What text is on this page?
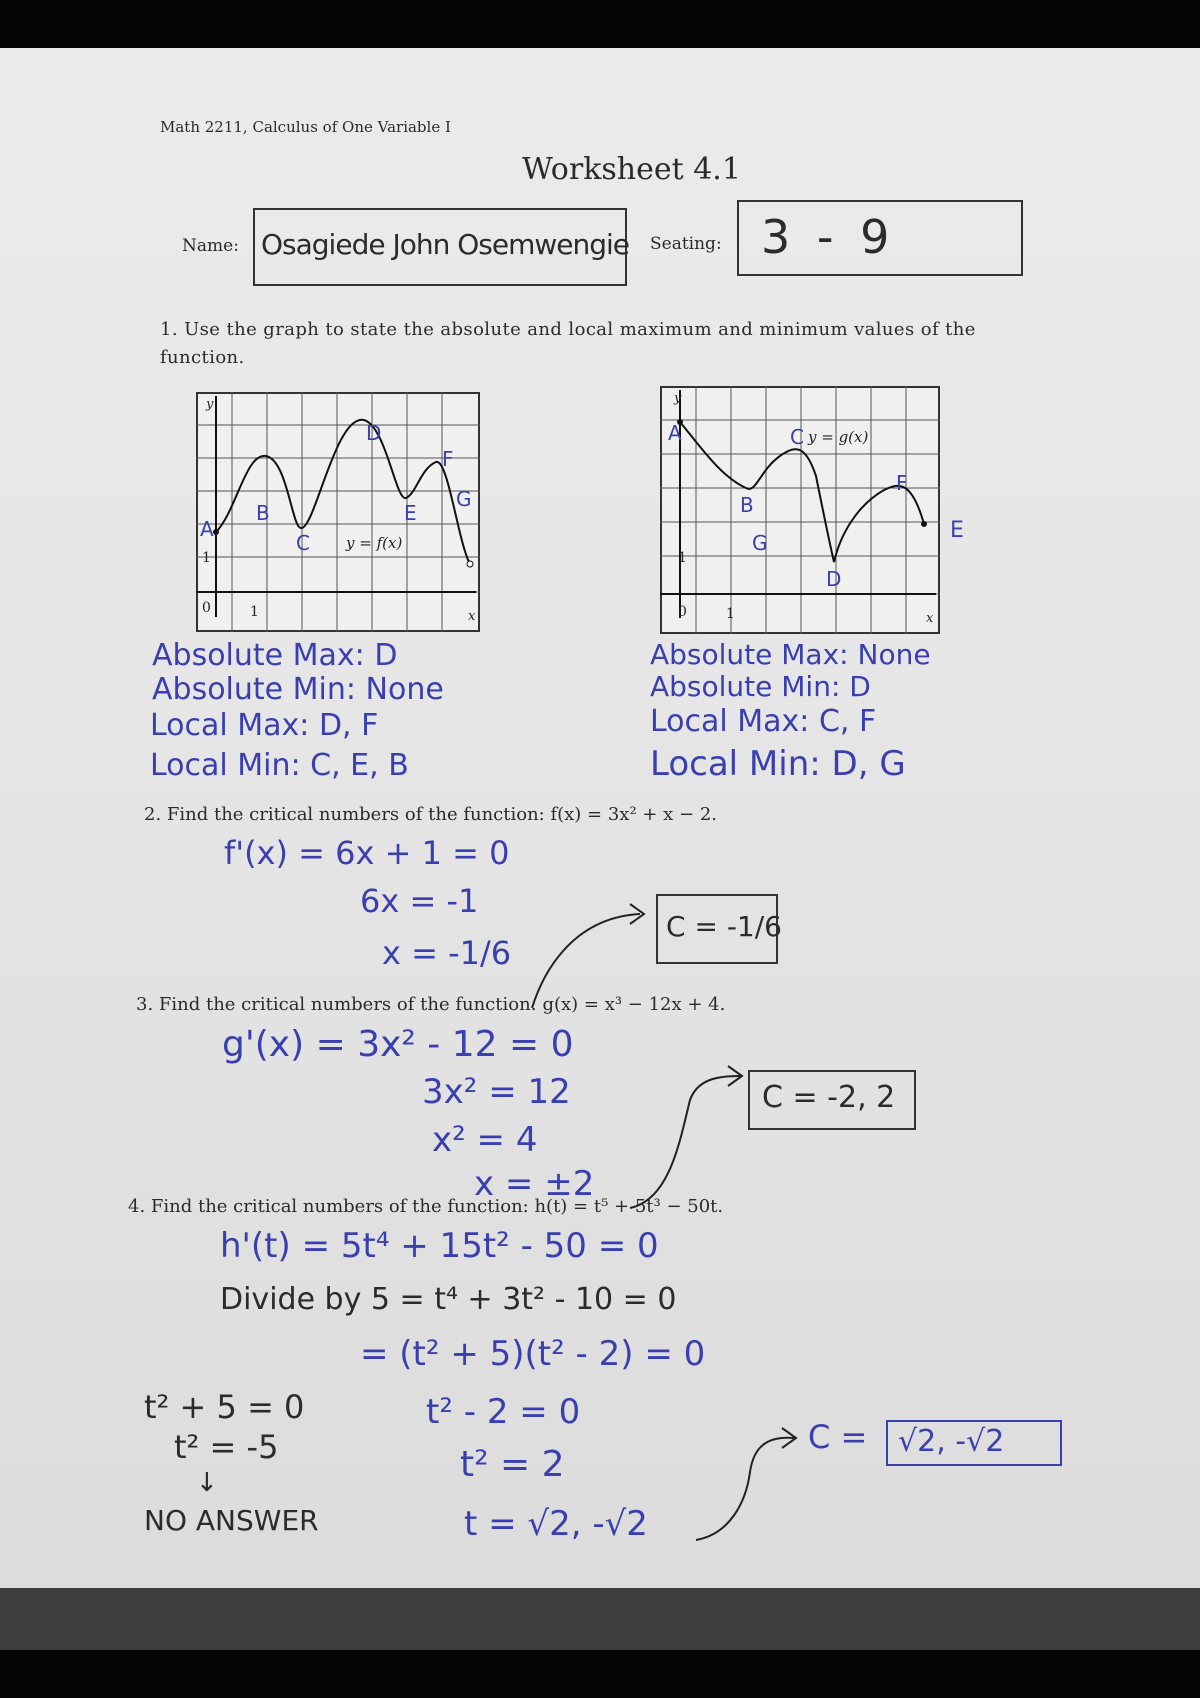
Math 2211, Calculus of One Variable I
Worksheet 4.1
Name: Osagiede John Osemwengie Seating: 3 - 9
1. Use the graph to state the absolute and local maximum and minimum values of the function.
y
x
0	1
1
y = f(x)
A
B
C
D
E
F
G
y
x
0	1
1
y = g(x)
A
B
C
D
F
G	E
Absolute Max: D
Absolute Min: None
Local Max: D, F
Local Min: C, E, B
Absolute Max: None
Absolute Min: D
Local Max: C, F
Local Min: D, G
2. Find the critical numbers of the function: f(x) = 3x² + x − 2.
f'(x) = 6x + 1 = 0
6x = -1
x = -1/6
C = -1/6
3. Find the critical numbers of the function: g(x) = x³ − 12x + 4.
g'(x) = 3x² - 12 = 0
3x² = 12
x² = 4
x = ±2
C = -2, 2
4. Find the critical numbers of the function: h(t) = t⁵ + 5t³ − 50t.
h'(t) = 5t⁴ + 15t² - 50 = 0
Divide by 5 = t⁴ + 3t² - 10 = 0
= (t² + 5)(t² - 2) = 0
t² + 5 = 0
t² = -5
↓
NO ANSWER
t² - 2 = 0
t² = 2
t = √2, -√2
C = √2, -√2
